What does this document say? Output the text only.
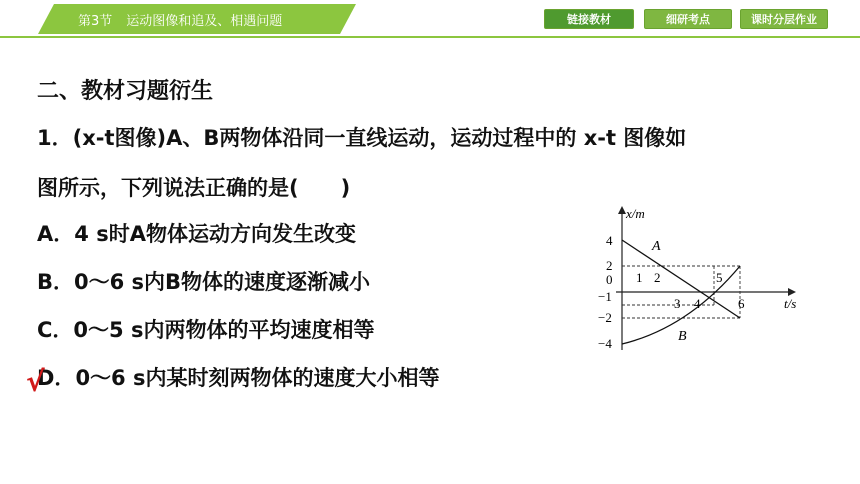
第3节 运动图像和追及、相遇问题	链接教材	细研考点	课时分层作业
二、教材习题衍生
1．(x-t图像)A、B两物体沿同一直线运动，运动过程中的 x-t 图像如
图所示，下列说法正确的是(　　)
A．4 s时A物体运动方向发生改变
B．0～6 s内B物体的速度逐渐减小
C．0～5 s内两物体的平均速度相等
D．0～6 s内某时刻两物体的速度大小相等
√
x/m
t/s
4
2
0
−1
−2
−4
1 2
3 4
5
6
A
B
